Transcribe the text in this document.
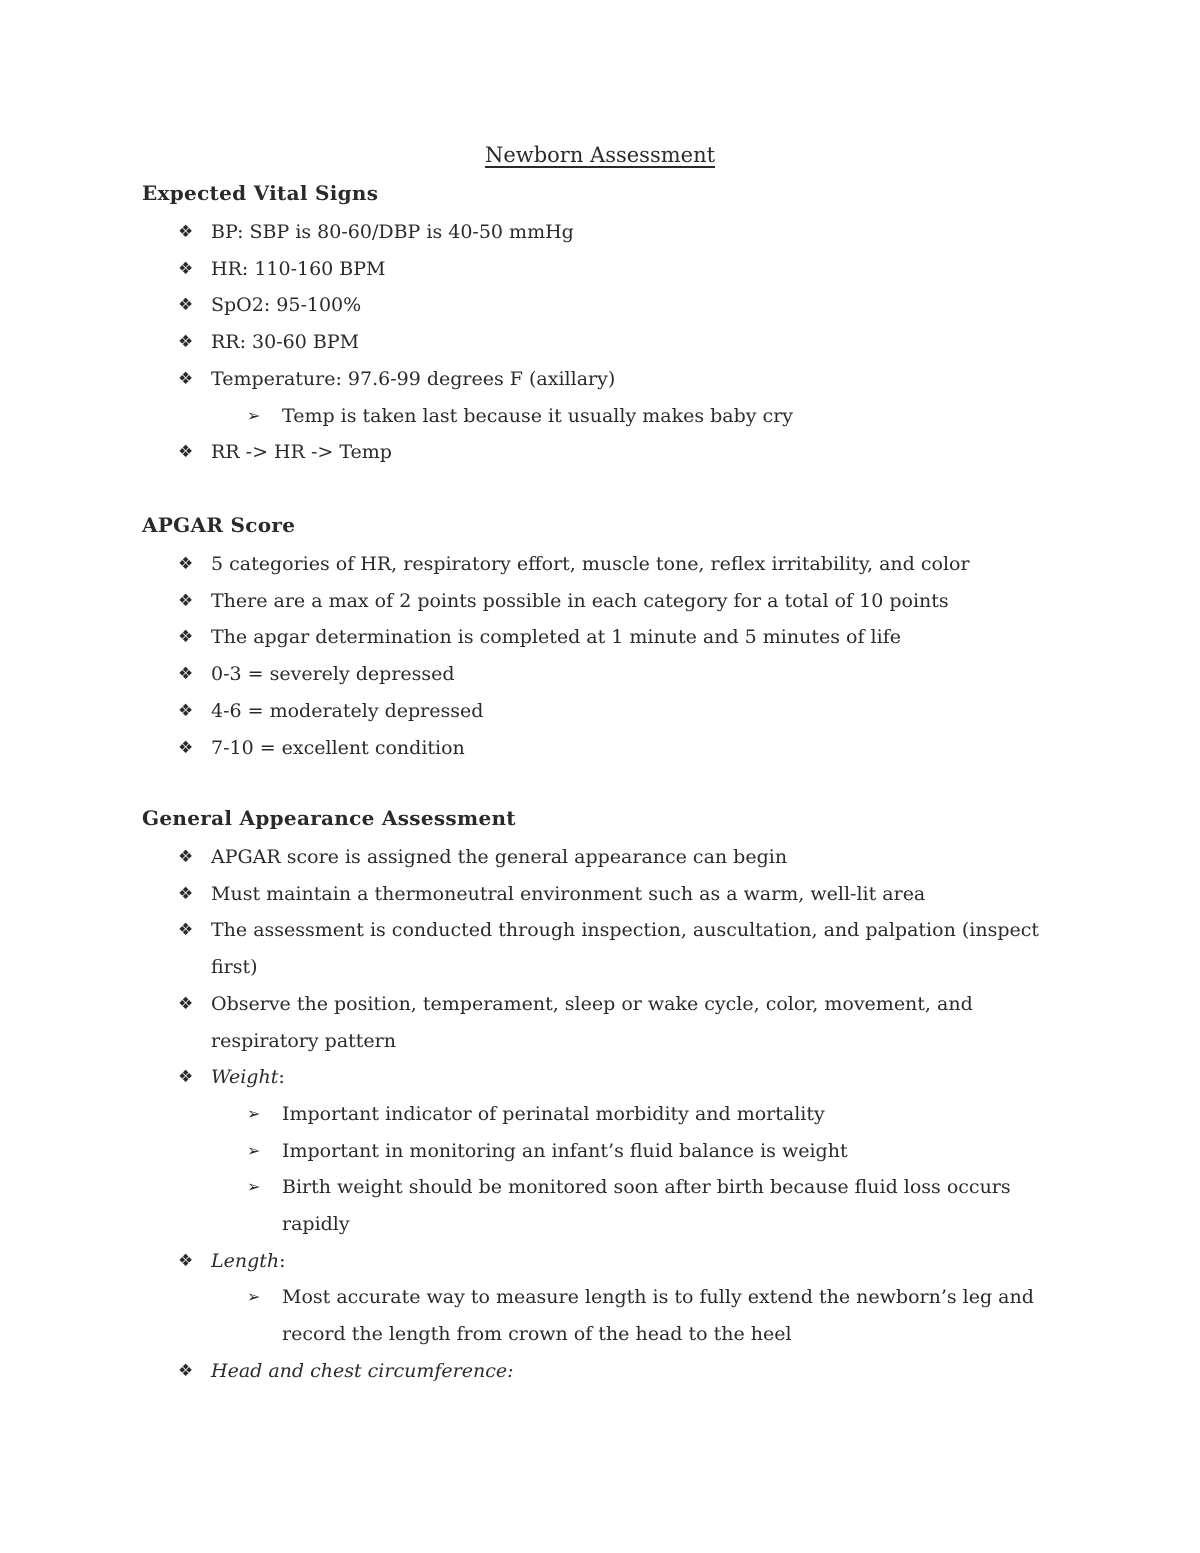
Newborn Assessment
Expected Vital Signs
❖ BP: SBP is 80-60/DBP is 40-50 mmHg
❖ HR: 110-160 BPM
❖ SpO2: 95-100%
❖ RR: 30-60 BPM
❖ Temperature: 97.6-99 degrees F (axillary)
➢ Temp is taken last because it usually makes baby cry
❖ RR -> HR -> Temp
APGAR Score
❖ 5 categories of HR, respiratory effort, muscle tone, reflex irritability, and color
❖ There are a max of 2 points possible in each category for a total of 10 points
❖ The apgar determination is completed at 1 minute and 5 minutes of life
❖ 0-3 = severely depressed
❖ 4-6 = moderately depressed
❖ 7-10 = excellent condition
General Appearance Assessment
❖ APGAR score is assigned the general appearance can begin
❖ Must maintain a thermoneutral environment such as a warm, well-lit area
❖ The assessment is conducted through inspection, auscultation, and palpation (inspect first)
❖ Observe the position, temperament, sleep or wake cycle, color, movement, and respiratory pattern
❖ Weight:
➢ Important indicator of perinatal morbidity and mortality
➢ Important in monitoring an infant’s fluid balance is weight
➢ Birth weight should be monitored soon after birth because fluid loss occurs rapidly
❖ Length:
➢ Most accurate way to measure length is to fully extend the newborn’s leg and record the length from crown of the head to the heel
❖ Head and chest circumference:
